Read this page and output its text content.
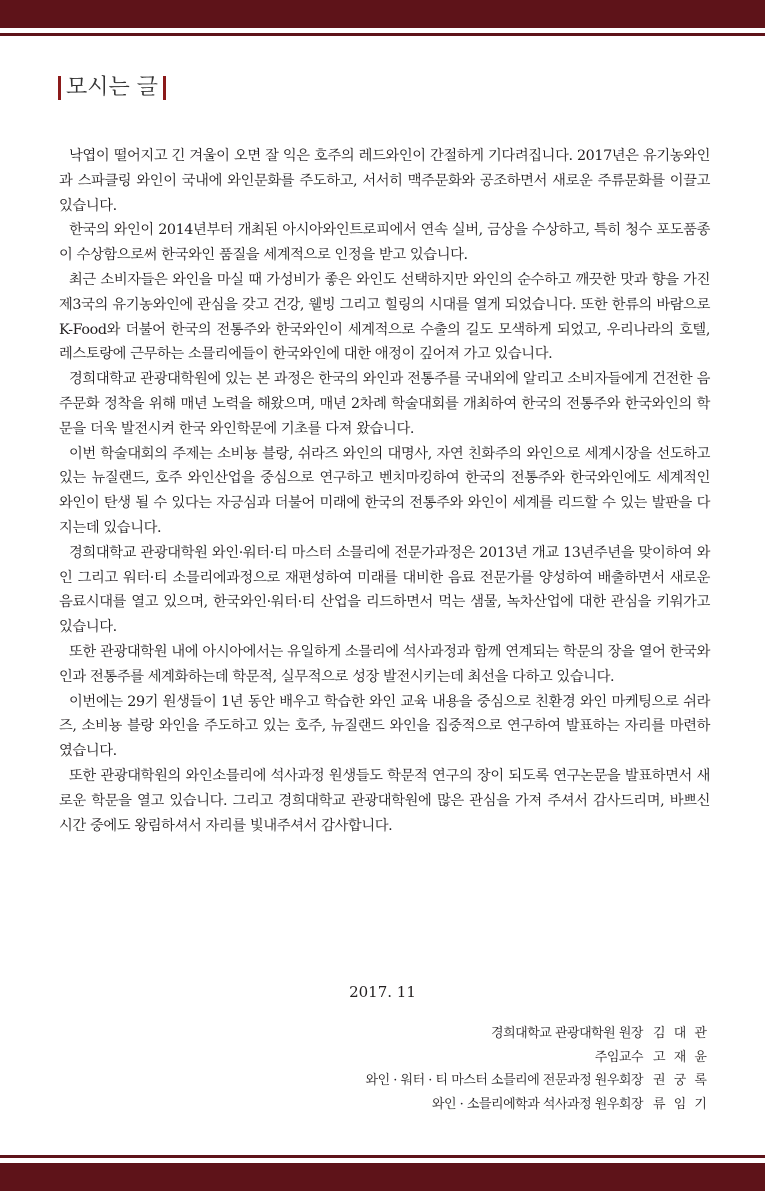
모시는 글

낙엽이 떨어지고 긴 겨울이 오면 잘 익은 호주의 레드와인이 간절하게 기다려집니다. 2017년은 유기농와인과 스파클링 와인이 국내에 와인문화를 주도하고, 서서히 맥주문화와 공조하면서 새로운 주류문화를 이끌고 있습니다.

한국의 와인이 2014년부터 개최된 아시아와인트로피에서 연속 실버, 금상을 수상하고, 특히 청수 포도품종이 수상함으로써 한국와인 품질을 세계적으로 인정을 받고 있습니다.

최근 소비자들은 와인을 마실 때 가성비가 좋은 와인도 선택하지만 와인의 순수하고 깨끗한 맛과 향을 가진 제3국의 유기농와인에 관심을 갖고 건강, 웰빙 그리고 힐링의 시대를 열게 되었습니다. 또한 한류의 바람으로 K-Food와 더불어 한국의 전통주와 한국와인이 세계적으로 수출의 길도 모색하게 되었고, 우리나라의 호텔, 레스토랑에 근무하는 소믈리에들이 한국와인에 대한 애정이 깊어져 가고 있습니다.

경희대학교 관광대학원에 있는 본 과정은 한국의 와인과 전통주를 국내외에 알리고 소비자들에게 건전한 음주문화 정착을 위해 매년 노력을 해왔으며, 매년 2차례 학술대회를 개최하여 한국의 전통주와 한국와인의 학문을 더욱 발전시켜 한국 와인학문에 기초를 다져 왔습니다.

이번 학술대회의 주제는 소비뇽 블랑, 쉬라즈 와인의 대명사, 자연 친화주의 와인으로 세계시장을 선도하고 있는 뉴질랜드, 호주 와인산업을 중심으로 연구하고 벤치마킹하여 한국의 전통주와 한국와인에도 세계적인 와인이 탄생 될 수 있다는 자긍심과 더불어 미래에 한국의 전통주와 와인이 세계를 리드할 수 있는 발판을 다지는데 있습니다.

경희대학교 관광대학원 와인·워터·티 마스터 소믈리에 전문가과정은 2013년 개교 13년주년을 맞이하여 와인 그리고 워터·티 소믈리에과정으로 재편성하여 미래를 대비한 음료 전문가를 양성하여 배출하면서 새로운 음료시대를 열고 있으며, 한국와인·워터·티 산업을 리드하면서 먹는 샘물, 녹차산업에 대한 관심을 키워가고 있습니다.

또한 관광대학원 내에 아시아에서는 유일하게 소믈리에 석사과정과 함께 연계되는 학문의 장을 열어 한국와인과 전통주를 세계화하는데 학문적, 실무적으로 성장 발전시키는데 최선을 다하고 있습니다.

이번에는 29기 원생들이 1년 동안 배우고 학습한 와인 교육 내용을 중심으로 친환경 와인 마케팅으로 쉬라즈, 소비뇽 블랑 와인을 주도하고 있는 호주, 뉴질랜드 와인을 집중적으로 연구하여 발표하는 자리를 마련하였습니다.

또한 관광대학원의 와인소믈리에 석사과정 원생들도 학문적 연구의 장이 되도록 연구논문을 발표하면서 새로운 학문을 열고 있습니다. 그리고 경희대학교 관광대학원에 많은 관심을 가져 주셔서 감사드리며, 바쁘신 시간 중에도 왕림하셔서 자리를 빛내주셔서 감사합니다.

2017. 11
경희대학교 관광대학원 원장 김 대 관
주임교수 고 재 윤
와인 · 워터 · 티 마스터 소믈리에 전문과정 원우회장 권 궁 록
와인 · 소믈리에학과 석사과정 원우회장 류 임 기
